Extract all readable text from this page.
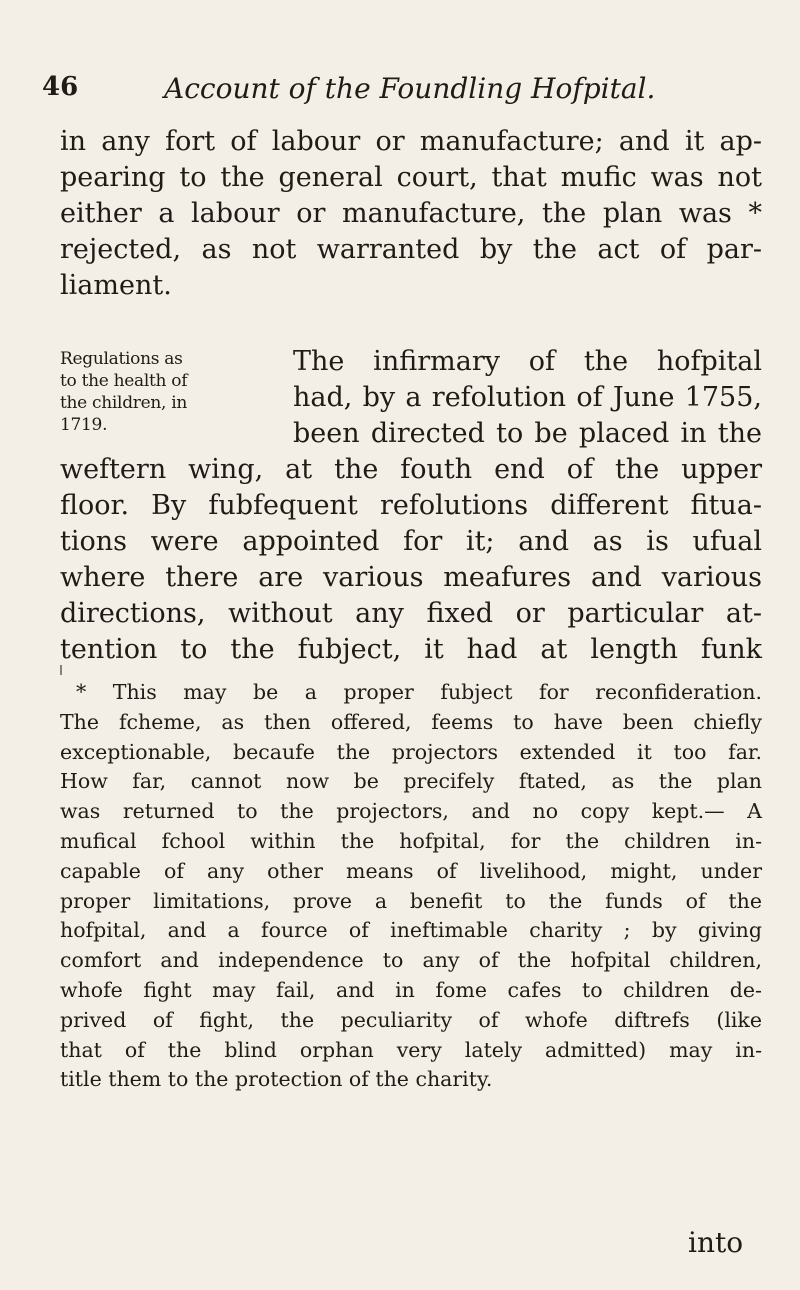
46	Account of the Foundling Hofpital.
in any fort of labour or manufacture; and it ap-
pearing to the general court, that mufic was not
either a labour or manufacture, the plan was *
rejected, as not warranted by the act of par-
liament.
Regulations as
to the health of
the children, in
1719.
The infirmary of the hofpital
had, by a refolution of June 1755,
been directed to be placed in the
weftern wing, at the fouth end of the upper
floor. By fubfequent refolutions different fitua-
tions were appointed for it; and as is ufual
where there are various meafures and various
directions, without any fixed or particular at-
tention to the fubject, it had at length funk
* This may be a proper fubject for reconfideration.
The fcheme, as then offered, feems to have been chiefly
exceptionable, becaufe the projectors extended it too far.
How far, cannot now be precifely ftated, as the plan
was returned to the projectors, and no copy kept.— A
mufical fchool within the hofpital, for the children in-
capable of any other means of livelihood, might, under
proper limitations, prove a benefit to the funds of the
hofpital, and a fource of ineftimable charity ; by giving
comfort and independence to any of the hofpital children,
whofe fight may fail, and in fome cafes to children de-
prived of fight, the peculiarity of whofe diftrefs (like
that of the blind orphan very lately admitted) may in-
title them to the protection of the charity.
into
